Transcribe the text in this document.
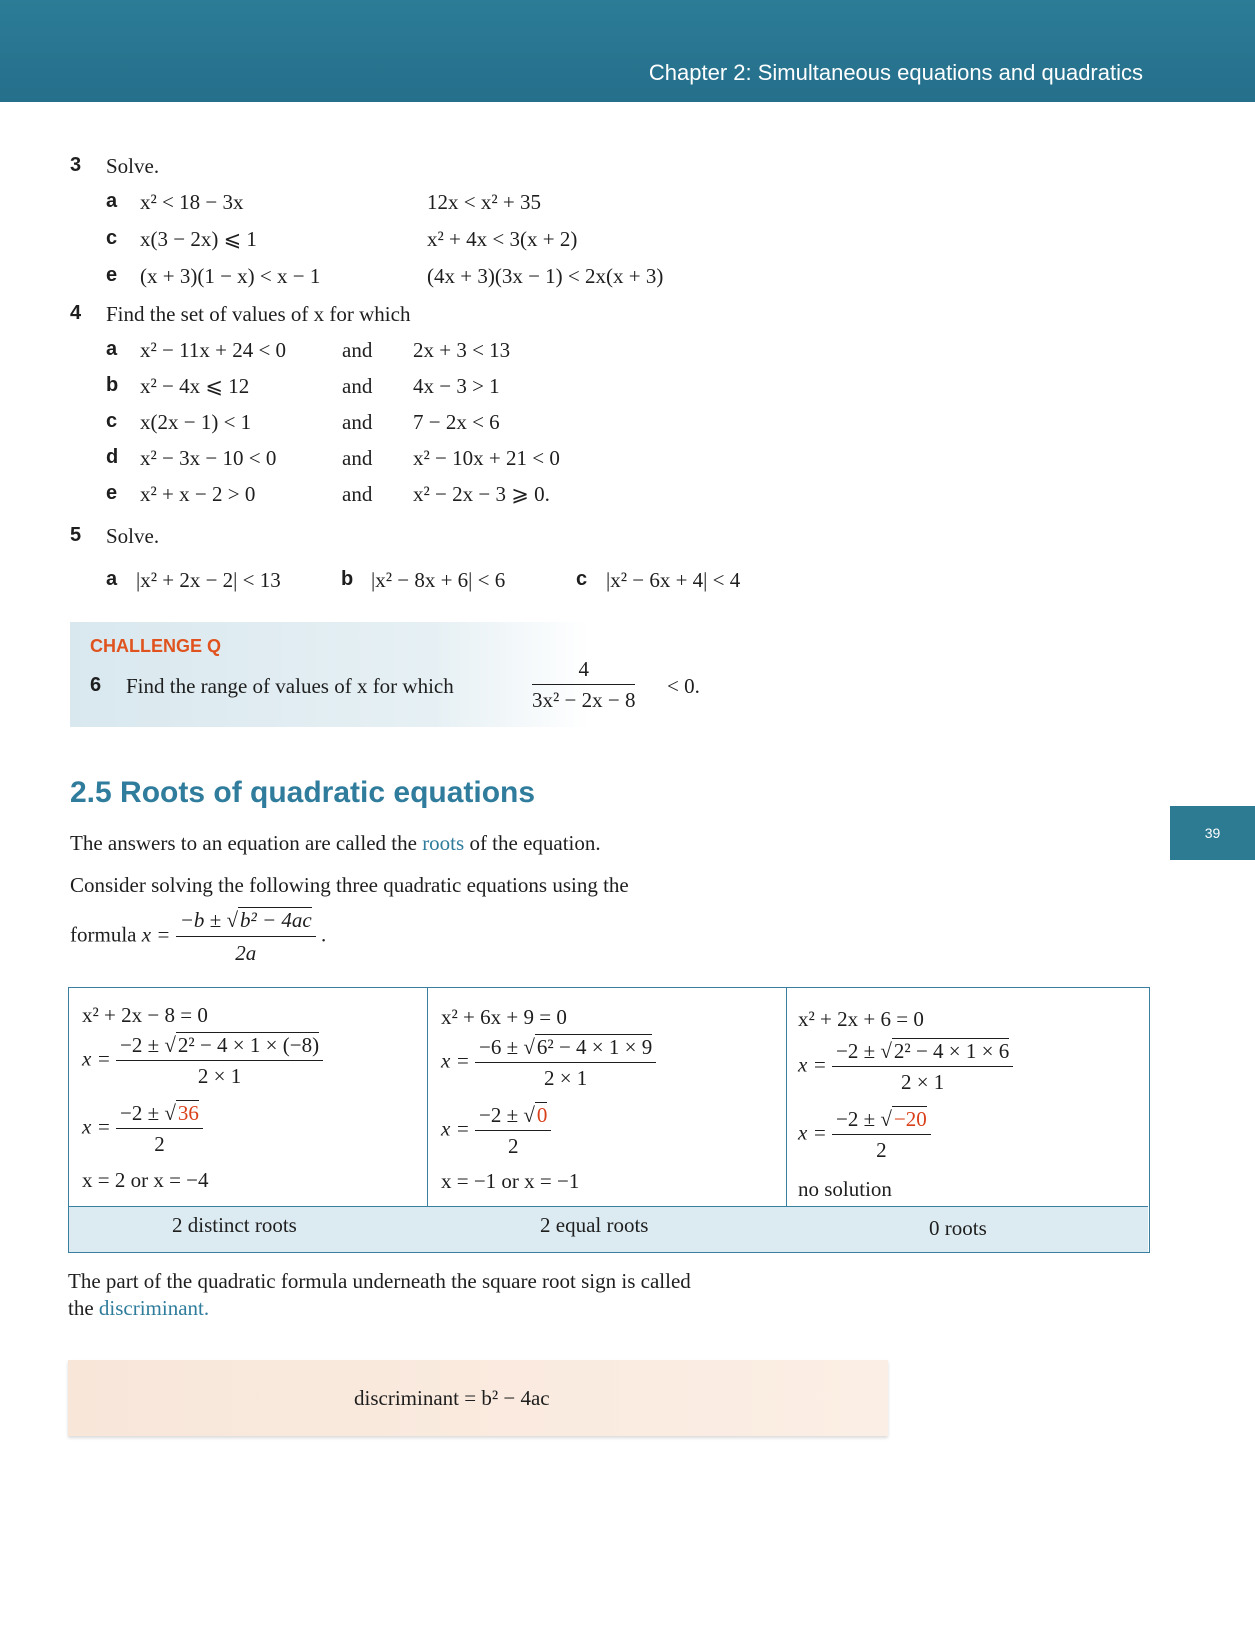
Chapter 2: Simultaneous equations and quadratics
39
3 Solve.
a x² < 18 − 3x	b 12x < x² + 35
c x(3 − 2x) ⩽ 1	d x² + 4x < 3(x + 2)
e (x + 3)(1 − x) < x − 1	f (4x + 3)(3x − 1) < 2x(x + 3)
4 Find the set of values of x for which
a x² − 11x + 24 < 0	and 2x + 3 < 13
b x² − 4x ⩽ 12	and 4x − 3 > 1
c x(2x − 1) < 1	and 7 − 2x < 6
d x² − 3x − 10 < 0	and x² − 10x + 21 < 0
e x² + x − 2 > 0	and x² − 2x − 3 ⩾ 0.
5 Solve.
a |x² + 2x − 2| < 13	b |x² − 8x + 6| < 6	c |x² − 6x + 4| < 4
CHALLENGE Q
6 Find the range of values of x for which	$\frac{4}{\text{3x² − 2x − 8}} < 0$.
2.5 Roots of quadratic equations
The answers to an equation are called the roots of the equation.
Consider solving the following three quadratic equations using the
formula $x = \frac{\text{−b ± √b² − 4ac}}{2a}$ .
x² + 2x − 8 = 0
$x = \frac{\text{−2 ± √2² − 4 × 1 × (−8)}}{2 \times 1}$
$x = \frac{-2 \pm √36}{2}$
x = 2 or x = −4
2 distinct roots
x² + 6x + 9 = 0
$x = \frac{\text{−6 ± √6² − 4 × 1 × 9}}{2 \times 1}$
$x = \frac{-2 \pm √0}{2}$
x = −1 or x = −1
2 equal roots
x² + 2x + 6 = 0
$x = \frac{\text{−2 ± √2² − 4 × 1 × 6}}{2 \times 1}$
$x = \frac{-2 \pm √-20}{2}$
no solution
0 roots
The part of the quadratic formula underneath the square root sign is called
the discriminant.
discriminant = b² − 4ac
